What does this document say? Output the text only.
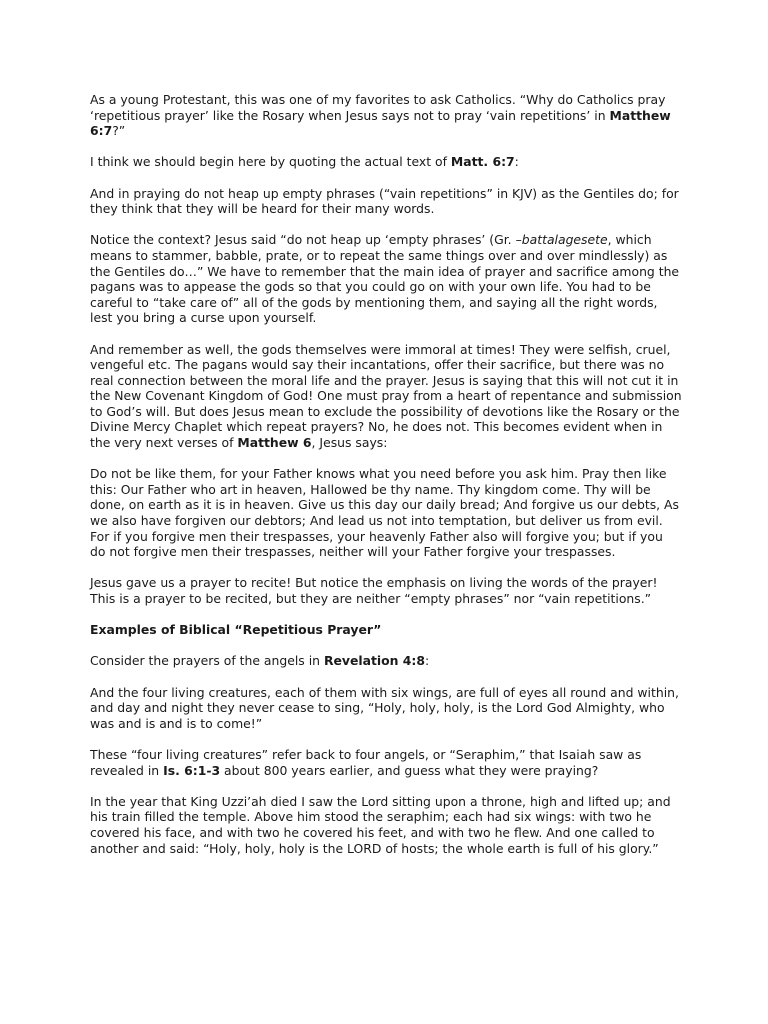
As a young Protestant, this was one of my favorites to ask Catholics. “Why do Catholics pray ‘repetitious prayer’ like the Rosary when Jesus says not to pray ‘vain repetitions’ in Matthew 6:7?”

I think we should begin here by quoting the actual text of Matt. 6:7:

And in praying do not heap up empty phrases (“vain repetitions” in KJV) as the Gentiles do; for they think that they will be heard for their many words.

Notice the context? Jesus said “do not heap up ‘empty phrases’ (Gr. –battalagesete, which means to stammer, babble, prate, or to repeat the same things over and over mindlessly) as the Gentiles do…” We have to remember that the main idea of prayer and sacrifice among the pagans was to appease the gods so that you could go on with your own life. You had to be careful to “take care of” all of the gods by mentioning them, and saying all the right words, lest you bring a curse upon yourself.

And remember as well, the gods themselves were immoral at times! They were selfish, cruel, vengeful etc. The pagans would say their incantations, offer their sacrifice, but there was no real connection between the moral life and the prayer. Jesus is saying that this will not cut it in the New Covenant Kingdom of God! One must pray from a heart of repentance and submission to God’s will. But does Jesus mean to exclude the possibility of devotions like the Rosary or the Divine Mercy Chaplet which repeat prayers? No, he does not. This becomes evident when in the very next verses of Matthew 6, Jesus says:

Do not be like them, for your Father knows what you need before you ask him. Pray then like this: Our Father who art in heaven, Hallowed be thy name. Thy kingdom come. Thy will be done, on earth as it is in heaven. Give us this day our daily bread; And forgive us our debts, As we also have forgiven our debtors; And lead us not into temptation, but deliver us from evil. For if you forgive men their trespasses, your heavenly Father also will forgive you; but if you do not forgive men their trespasses, neither will your Father forgive your trespasses.

Jesus gave us a prayer to recite! But notice the emphasis on living the words of the prayer! This is a prayer to be recited, but they are neither “empty phrases” nor “vain repetitions.”

Examples of Biblical “Repetitious Prayer”

Consider the prayers of the angels in Revelation 4:8:

And the four living creatures, each of them with six wings, are full of eyes all round and within, and day and night they never cease to sing, “Holy, holy, holy, is the Lord God Almighty, who was and is and is to come!”

These “four living creatures” refer back to four angels, or “Seraphim,” that Isaiah saw as revealed in Is. 6:1-3 about 800 years earlier, and guess what they were praying?

In the year that King Uzzi’ah died I saw the Lord sitting upon a throne, high and lifted up; and his train filled the temple. Above him stood the seraphim; each had six wings: with two he covered his face, and with two he covered his feet, and with two he flew. And one called to another and said: “Holy, holy, holy is the LORD of hosts; the whole earth is full of his glory.”
